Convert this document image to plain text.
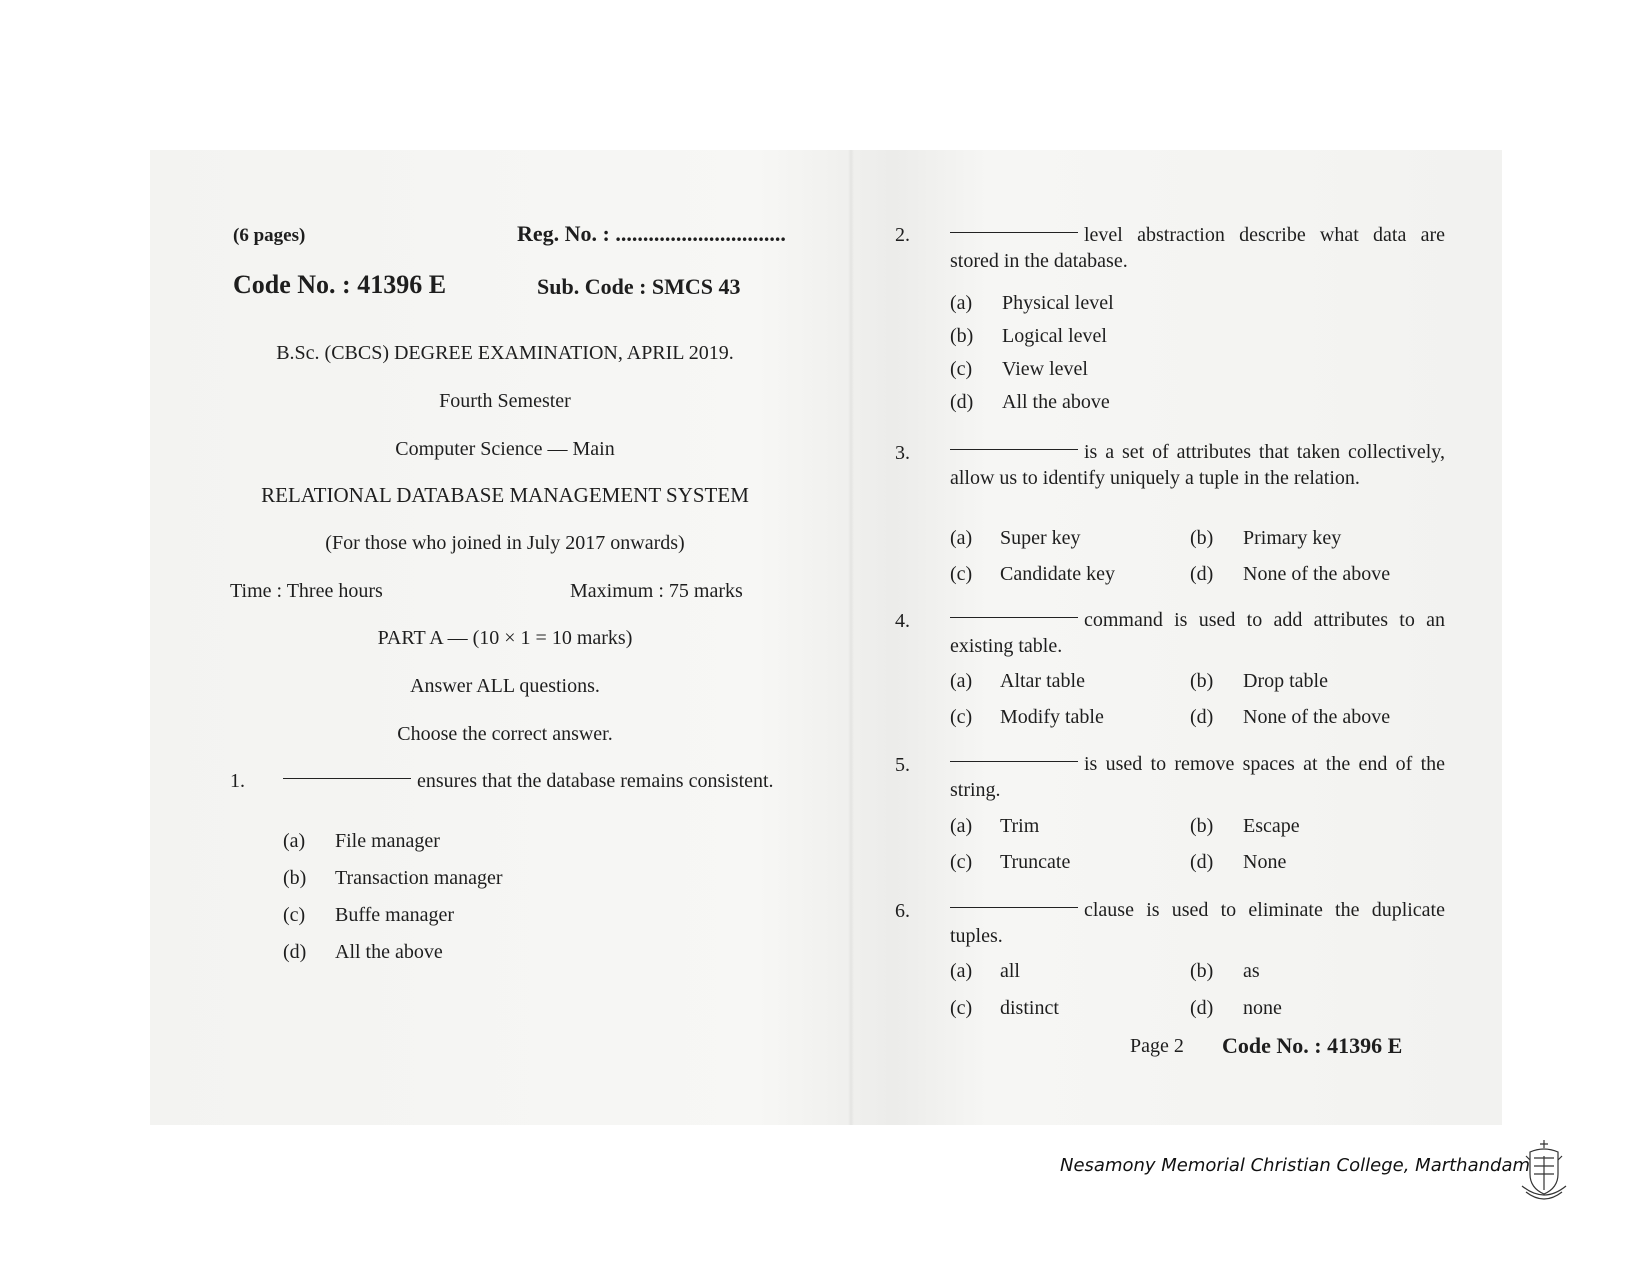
(6 pages)	Reg. No. : ...............................
Code No. : 41396 E	Sub. Code : SMCS 43
B.Sc. (CBCS) DEGREE EXAMINATION, APRIL 2019.
Fourth Semester
Computer Science — Main
RELATIONAL DATABASE MANAGEMENT SYSTEM
(For those who joined in July 2017 onwards)
Time : Three hours	Maximum : 75 marks
PART A — (10 × 1 = 10 marks)
Answer ALL questions.
Choose the correct answer.
1.	ensures that the database remains consistent.
(a) File manager
(b) Transaction manager
(c) Buffe manager
(d) All the above
2.	level abstraction describe what data are stored in the database.
(a) Physical level
(b) Logical level
(c) View level
(d) All the above
3.	is a set of attributes that taken collectively, allow us to identify uniquely a tuple in the relation.
(a) Super key	(b) Primary key
(c) Candidate key	(d) None of the above
4.	command is used to add attributes to an existing table.
(a) Altar table	(b) Drop table
(c) Modify table	(d) None of the above
5.	is used to remove spaces at the end of the string.
(a) Trim	(b) Escape
(c) Truncate	(d) None
6.	clause is used to eliminate the duplicate tuples.
(a) all	(b) as
(c) distinct	(d) none
Page 2 Code No. : 41396 E
Nesamony Memorial Christian College, Marthandam
